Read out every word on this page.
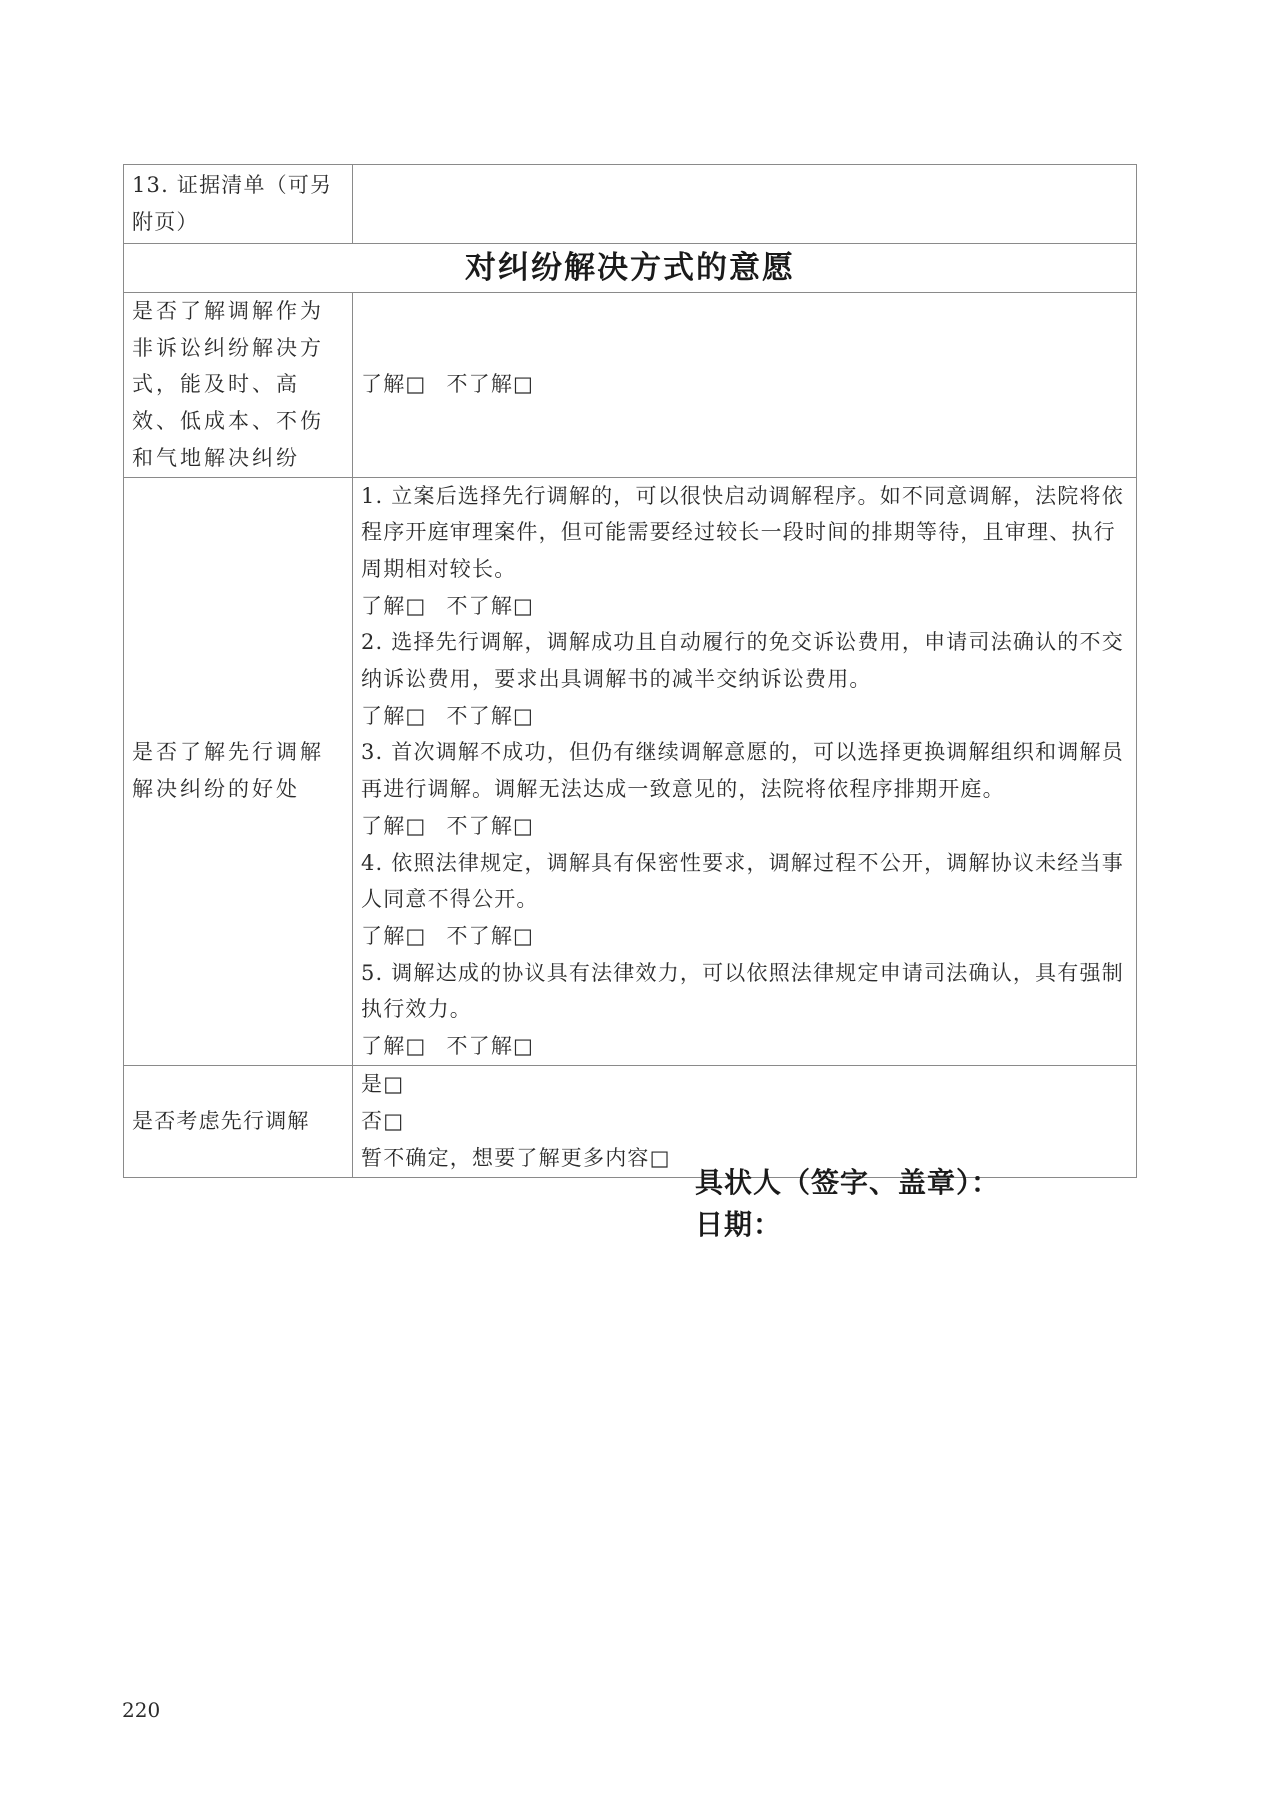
13. 证据清单（可另附页）	
对纠纷解决方式的意愿	
是否了解调解作为非诉讼纠纷解决方式，能及时、高效、低成本、不伤和气地解决纠纷	了解□ 不了解□
是否了解先行调解解决纠纷的好处	
1. 立案后选择先行调解的，可以很快启动调解程序。如不同意调解，法院将依程序开庭审理案件，但可能需要经过较长一段时间的排期等待，且审理、执行周期相对较长。
了解□ 不了解□
2. 选择先行调解，调解成功且自动履行的免交诉讼费用，申请司法确认的不交纳诉讼费用，要求出具调解书的减半交纳诉讼费用。
了解□ 不了解□
3. 首次调解不成功，但仍有继续调解意愿的，可以选择更换调解组织和调解员再进行调解。调解无法达成一致意见的，法院将依程序排期开庭。
了解□ 不了解□
4. 依照法律规定，调解具有保密性要求，调解过程不公开，调解协议未经当事人同意不得公开。
了解□ 不了解□
5. 调解达成的协议具有法律效力，可以依照法律规定申请司法确认，具有强制执行效力。
了解□ 不了解□

是否考虑先行调解	是□
否□
暂不确定，想要了解更多内容□
具状人（签字、盖章）：
日期：
220
